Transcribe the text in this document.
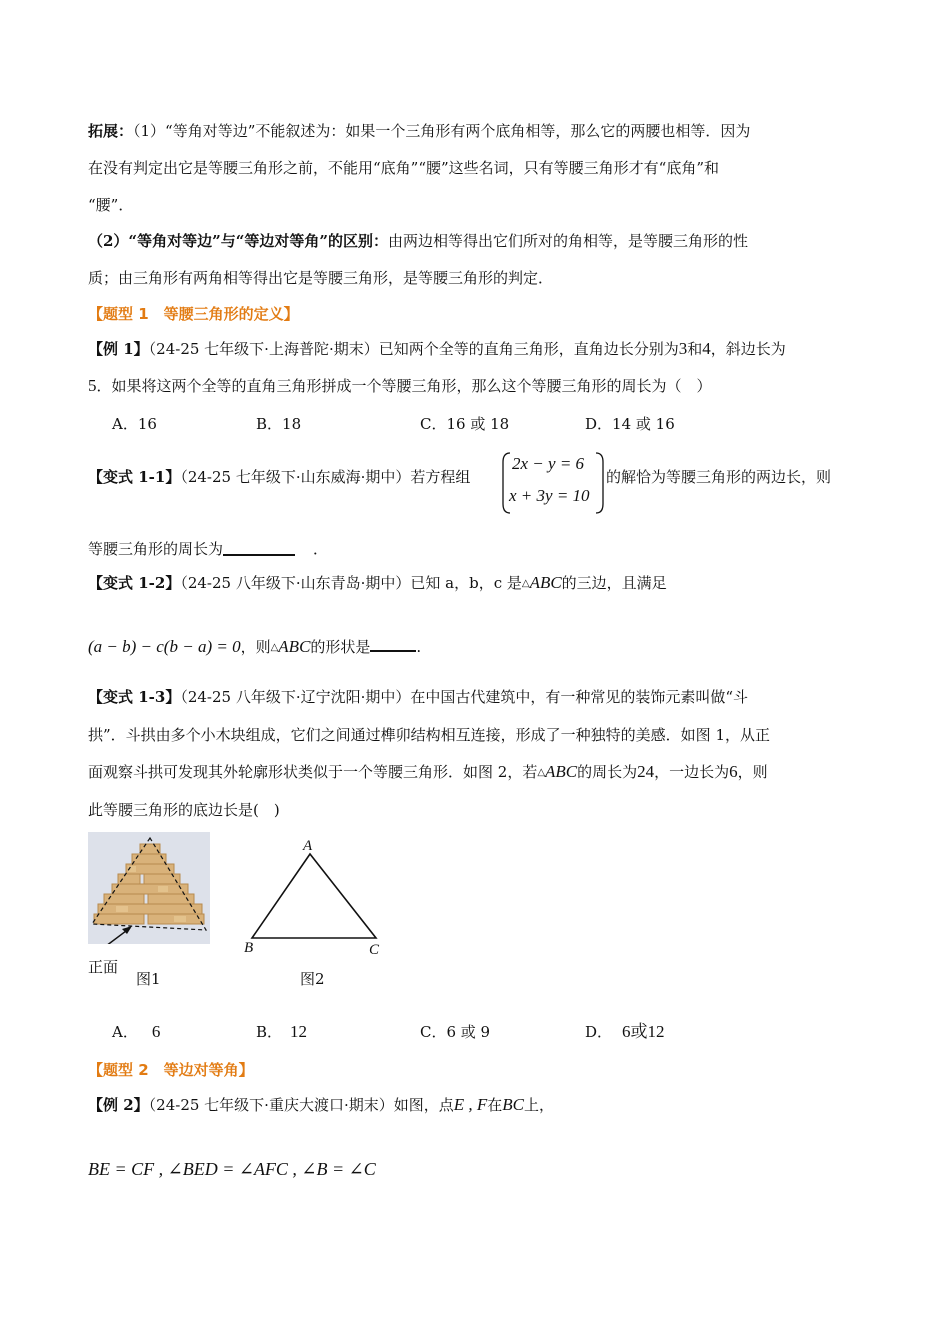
拓展：（1）“等角对等边”不能叙述为：如果一个三角形有两个底角相等，那么它的两腰也相等．因为
在没有判定出它是等腰三角形之前，不能用“底角”“腰”这些名词，只有等腰三角形才有“底角”和
“腰”．
（2）“等角对等边”与“等边对等角”的区别：由两边相等得出它们所对的角相等，是等腰三角形的性
质；由三角形有两角相等得出它是等腰三角形，是等腰三角形的判定．
【题型 1　等腰三角形的定义】
【例 1】（24-25 七年级下·上海普陀·期末）已知两个全等的直角三角形，直角边长分别为3和4，斜边长为
5．如果将这两个全等的直角三角形拼成一个等腰三角形，那么这个等腰三角形的周长为（　）
A．16	B．18	C．16 或 18	D．14 或 16
【变式 1-1】（24-25 七年级下·山东威海·期中）若方程组
2x − y = 6
x + 3y = 10
的解恰为等腰三角形的两边长，则
等腰三角形的周长为	．
【变式 1-2】（24-25 八年级下·山东青岛·期中）已知 a，b，c 是△ABC的三边，且满足
(a − b) − c(b − a) = 0，则△ABC的形状是	.
【变式 1-3】（24-25 八年级下·辽宁沈阳·期中）在中国古代建筑中，有一种常见的装饰元素叫做“斗
拱”．斗拱由多个小木块组成，它们之间通过榫卯结构相互连接，形成了一种独特的美感．如图 1，从正
面观察斗拱可发现其外轮廓形状类似于一个等腰三角形．如图 2，若△ABC的周长为24，一边长为6，则
此等腰三角形的底边长是(　)
正面
图1
A
B	C
图2
A． 6	B． 12	C．6 或 9	D． 6或12
【题型 2　等边对等角】
【例 2】（24-25 七年级下·重庆大渡口·期末）如图，点E , F在BC上，
BE = CF , ∠BED = ∠AFC , ∠B = ∠C
